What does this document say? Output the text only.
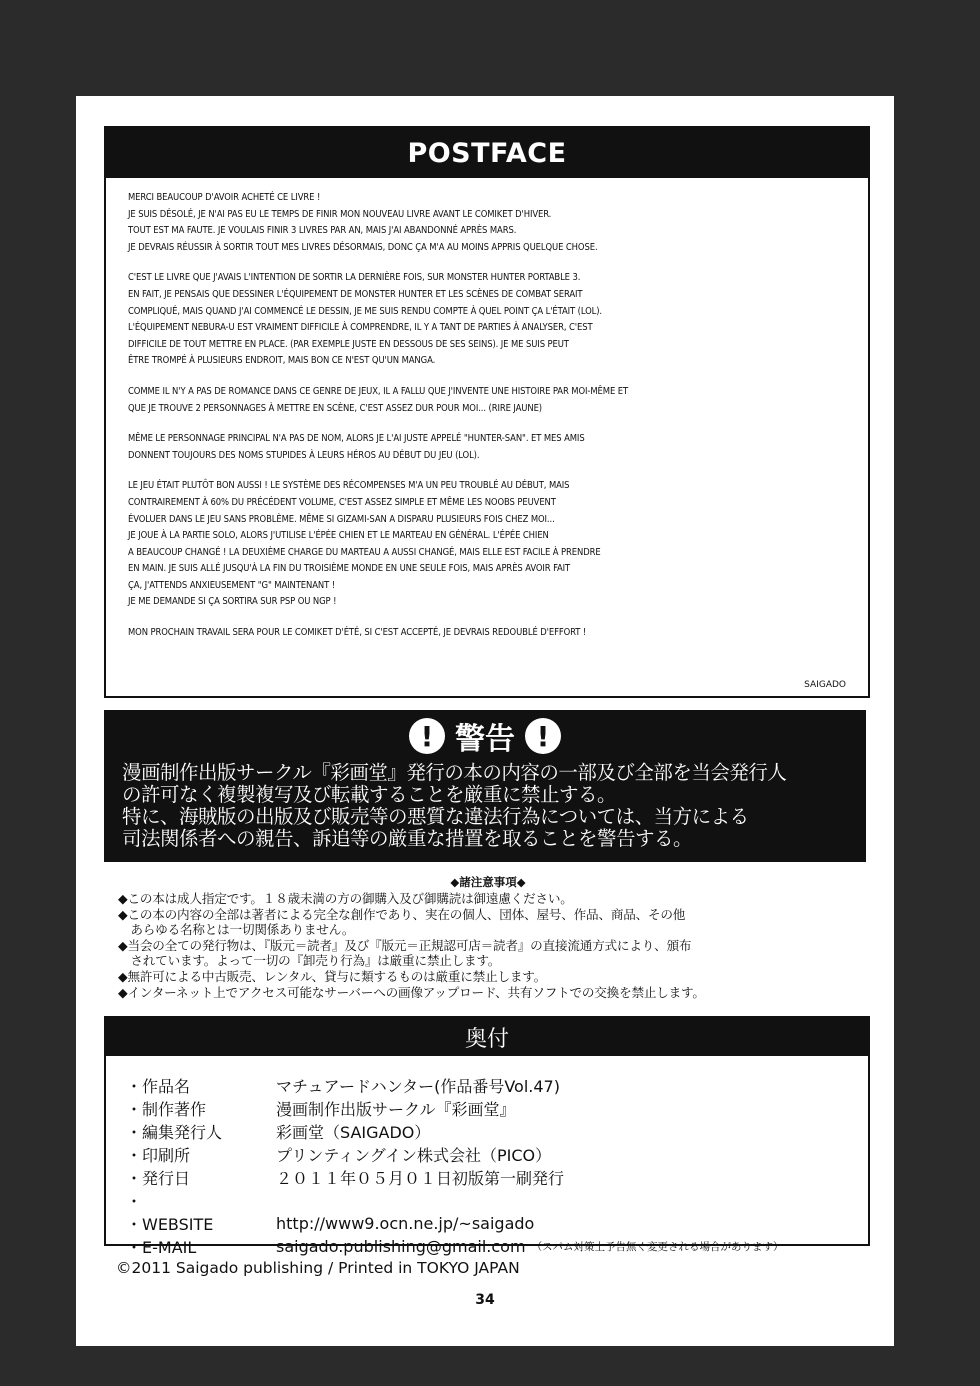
POSTFACE

MERCI BEAUCOUP D'AVOIR ACHETÉ CE LIVRE !
JE SUIS DÉSOLÉ, JE N'AI PAS EU LE TEMPS DE FINIR MON NOUVEAU LIVRE AVANT LE COMIKET D'HIVER.
TOUT EST MA FAUTE. JE VOULAIS FINIR 3 LIVRES PAR AN, MAIS J'AI ABANDONNÉ APRÈS MARS.
JE DEVRAIS RÉUSSIR À SORTIR TOUT MES LIVRES DÉSORMAIS, DONC ÇA M'A AU MOINS APPRIS QUELQUE CHOSE.

C'EST LE LIVRE QUE J'AVAIS L'INTENTION DE SORTIR LA DERNIÈRE FOIS, SUR MONSTER HUNTER PORTABLE 3.
EN FAIT, JE PENSAIS QUE DESSINER L'ÉQUIPEMENT DE MONSTER HUNTER ET LES SCÈNES DE COMBAT SERAIT
COMPLIQUÉ, MAIS QUAND J'AI COMMENCÉ LE DESSIN, JE ME SUIS RENDU COMPTE À QUEL POINT ÇA L'ÉTAIT (LOL).
L'ÉQUIPEMENT NEBURA-U EST VRAIMENT DIFFICILE À COMPRENDRE, IL Y A TANT DE PARTIES À ANALYSER, C'EST
DIFFICILE DE TOUT METTRE EN PLACE. (PAR EXEMPLE JUSTE EN DESSOUS DE SES SEINS). JE ME SUIS PEUT
ÊTRE TROMPÉ À PLUSIEURS ENDROIT, MAIS BON CE N'EST QU'UN MANGA.

COMME IL N'Y A PAS DE ROMANCE DANS CE GENRE DE JEUX, IL A FALLU QUE J'INVENTE UNE HISTOIRE PAR MOI-MÊME ET
QUE JE TROUVE 2 PERSONNAGES À METTRE EN SCÈNE, C'EST ASSEZ DUR POUR MOI... (RIRE JAUNE)

MÊME LE PERSONNAGE PRINCIPAL N'A PAS DE NOM, ALORS JE L'AI JUSTE APPELÉ "HUNTER-SAN". ET MES AMIS
DONNENT TOUJOURS DES NOMS STUPIDES À LEURS HÉROS AU DÉBUT DU JEU (LOL).

LE JEU ÉTAIT PLUTÔT BON AUSSI ! LE SYSTÈME DES RÉCOMPENSES M'A UN PEU TROUBLÉ AU DÉBUT, MAIS
CONTRAIREMENT À 60% DU PRÉCÉDENT VOLUME, C'EST ASSEZ SIMPLE ET MÊME LES NOOBS PEUVENT
ÉVOLUER DANS LE JEU SANS PROBLÈME. MÊME SI GIZAMI-SAN A DISPARU PLUSIEURS FOIS CHEZ MOI...
JE JOUE À LA PARTIE SOLO, ALORS J'UTILISE L'ÉPÉE CHIEN ET LE MARTEAU EN GÉNÉRAL. L'ÉPÉE CHIEN
A BEAUCOUP CHANGÉ ! LA DEUXIÈME CHARGE DU MARTEAU A AUSSI CHANGÉ, MAIS ELLE EST FACILE À PRENDRE
EN MAIN. JE SUIS ALLÉ JUSQU'À LA FIN DU TROISIÈME MONDE EN UNE SEULE FOIS, MAIS APRÈS AVOIR FAIT
ÇA, J'ATTENDS ANXIEUSEMENT "G" MAINTENANT !
JE ME DEMANDE SI ÇA SORTIRA SUR PSP OU NGP !

MON PROCHAIN TRAVAIL SERA POUR LE COMIKET D'ÉTÉ, SI C'EST ACCEPTÉ, JE DEVRAIS REDOUBLÉ D'EFFORT !

SAIGADO
! 警告 !
漫画制作出版サークル『彩画堂』発行の本の内容の一部及び全部を当会発行人
の許可なく複製複写及び転載することを厳重に禁止する。
特に、海賊版の出版及び販売等の悪質な違法行為については、当方による
司法関係者への親告、訴追等の厳重な措置を取ることを警告する。
◆諸注意事項◆
◆この本は成人指定です。１８歳未満の方の御購入及び御購読は御遠慮ください。
◆この本の内容の全部は著者による完全な創作であり、実在の個人、団体、屋号、作品、商品、その他
　あらゆる名称とは一切関係ありません。
◆当会の全ての発行物は、『版元＝読者』及び『版元＝正規認可店＝読者』の直接流通方式により、頒布
　されています。よって一切の『卸売り行為』は厳重に禁止します。
◆無許可による中古販売、レンタル、貸与に類するものは厳重に禁止します。
◆インターネット上でアクセス可能なサーバーへの画像アップロード、共有ソフトでの交換を禁止します。
奥付
・作品名	マチュアードハンター(作品番号Vol.47)
・制作著作	漫画制作出版サークル『彩画堂』
・編集発行人	彩画堂（SAIGADO）
・印刷所	プリンティングイン株式会社（PICO）
・発行日	２０１１年０５月０１日初版第一刷発行
・
・WEBSITE	http://www9.ocn.ne.jp/~saigado
・E-MAIL	saigado.publishing@gmail.com （スパム対策上予告無く変更される場合があります）
©2011 Saigado publishing / Printed in TOKYO JAPAN
34
